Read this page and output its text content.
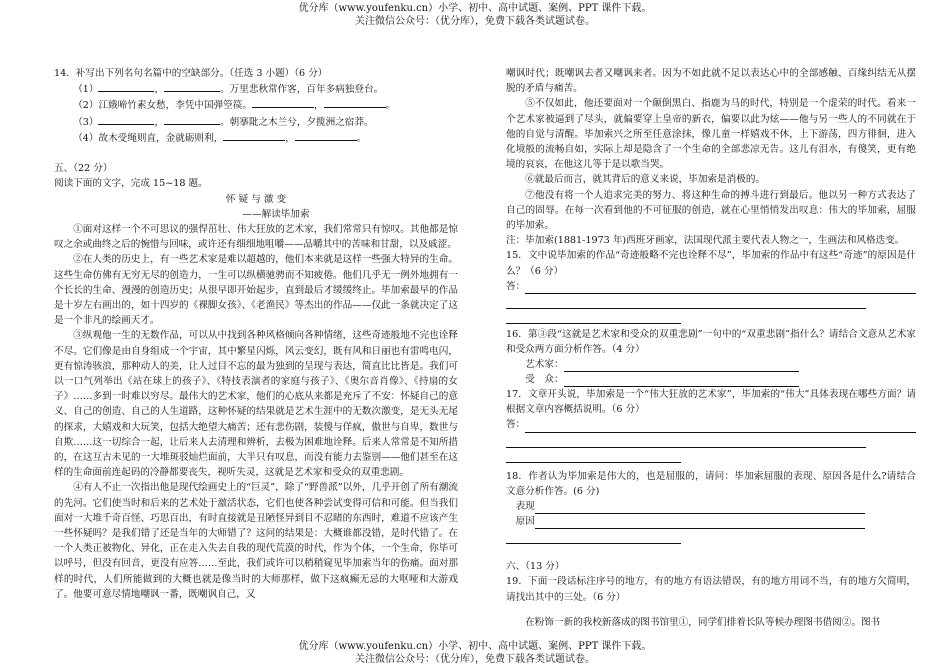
优分库（www.youfenku.cn）小学、初中、高中试题、案例、PPT 课件下载。
关注微信公众号：（优分库），免费下载各类试题试卷。

14．补写出下列名句名篇中的空缺部分。（任选 3 小题）（6 分）

（1）	，	。万里悲秋常作客，百年多病独登台。

（2）江娥啼竹素女愁，李凭中国弹箜篌。	，	。

（3）	，	。朝搴阰之木兰兮，夕揽洲之宿莽。

（4）故木受绳则直，金就砺则利，	，	。

五、（22 分）

阅读下面的文字，完成 15~18 题。

怀 疑 与 激 变

——解读毕加索

①面对这样一个不可思议的强悍茁壮、伟大狂放的艺术家，我们常常只有惊叹。其他都是惊叹之余或曲终之后的惋惜与回味，或许还有细细地咀嚼——品嚼其中的苦味和甘甜，以及戚涩。

②在人类的历史上，有一些艺术家是难以超越的，他们本来就是这样一些强大特异的生命。这些生命仿佛有无穷无尽的创造力，一生可以纵横驰骋而不知疲倦。他们几乎无一例外地拥有一个长长的生命、漫漫的创造历史；从很早即开始起步，直到最后才缓缓终止。毕加索最早的作品是十岁左右画出的，如十四岁的《裸脚女孩》、《老渔民》等杰出的作品——仅此一条就决定了这是一个非凡的绘画天才。

③纵观他一生的无数作品，可以从中找到各种风格倾向各种情绪，这些奇迹般地不完也诠释不尽。它们像是由自身组成一个宇宙，其中繁星闪烁，风云变幻，既有风和日丽也有雷鸣电闪，更有惊涛骇浪，那种动人的美，让人过目不忘的最为独到的呈现与表达，简直比比皆是。我们可以一口气列举出《站在球上的孩子》、《特技表演者的家庭与孩子》、《奥尔音肖像》、《持扇的女子》……多到一时难以穷尽。最伟大的艺术家，他们的心底从来都是充斥了不安：怀疑自己的意义、自己的创造、自己的人生道路，这种怀疑的结果就是艺术生涯中的无数次激变，是无头无尾的探求，大嬉戏和大玩笑，包括大绝望大痛苦；还有悲伤剧，装傻与佯疯，傲世与自卑，数世与自欺……这一切综合一起，让后来人去清理和辨析，去极为困难地诠释。后来人常常是不知所措的，在这互古未见的一大堆斑驳灿烂面前，大半只有叹息，而没有能力去鉴别——他们甚至在这样的生命面前连起码的冷静都要丧失，视听失灵，这就是艺术家和受众的双重悲剧。

④有人不止一次指出他是现代绘画史上的“巨灵”，除了“野兽派”以外，几乎开创了所有潮流的先河。它们使当时和后来的艺术处于激活状态，它们也使各种尝试变得可信和可能。但当我们面对一大堆千奇百怪、巧思百出，有时直接就是丑陋怪异到目不忍睹的东西时，难道不应该产生一些怀疑吗？是我们错了还是当年的大师错了？这问的结果是：大概谁都没错，是时代错了。在一个人类正被物化、异化，正在走入失去自我的现代荒漠的时代，作为个体，一个生命，你毕可以呼号，但没有回音，更没有应答……至此，我们或许可以稍稍窥见毕加索当年的伤痛。面对那样的时代，人们所能做到的大概也就是像当时的大师那样，做下这疯癫无忌的大呕哑和大游戏了。他要可意尽情地嘲讽一番，既嘲讽自己，又

嘲讽时代；既嘲讽去者又嘲讽来者。因为不如此就不足以表达心中的全部感触、百缘纠结无从摆脱的矛盾与痛苦。

⑤不仅如此，他还要面对一个颠倒黑白、指鹿为马的时代，特别是一个虚荣的时代。看来一个艺术家被逼到了尽头，就偏要穿上皇帝的新衣，偏要以此为炫——他与另一些人的不同就在于他的自觉与清醒。毕加索兴之所至任意涂抹，像儿童一样嬉戏不休，上下游荡，四方徘徊，进入化境般的流畅自如，实际上却是隐含了一个生命的全部悲凉无告。这儿有泪水，有傻笑，更有绝境的哀哀，在他这儿等于是以歌当哭。

⑥就最后而言，就其背后的意义来说，毕加索是消极的。

⑦他没有将一个人追求完美的努力、将这种生命的搏斗进行到最后。他以另一种方式表达了自己的固辱。在每一次看到他的不可征服的创造，就在心里悄悄发出叹息：伟大的毕加索，屈服的毕加索。

注：毕加索(1881-1973 年)西班牙画家，法国现代派主要代表人物之一，生画法和风格迭变。

15．文中说毕加索的作品“奇迹般略不完也诠释不尽”，毕加索的作品中有这些“奇迹”的原因是什么？（6 分）

答：

16．第③段“这就是艺术家和受众的双重悲剧”一句中的“双重悲剧”指什么？请结合文意从艺术家和受众两方面分析作答。（4 分）

艺术家：
受　众：

17．文章开头说，毕加索是一个“伟大狂放的艺术家”，毕加索的“伟大”具体表现在哪些方面？请根据文章内容概括说明。（6 分）

答：

18．作者认为毕加索是伟大的，也是屈服的，请问：毕加索屈服的表现、原因各是什么?请结合文意分析作答。(6 分)

表现
原因

六、（13 分）

19．下面一段话标注序号的地方，有的地方有语法错误，有的地方用词不当，有的地方欠简明，请找出其中的三处。（6 分）

在粉饰一新的我校新落成的图书馆里①，同学们排着长队等候办理图书借阅②。图书

优分库（www.youfenku.cn）小学、初中、高中试题、案例、PPT 课件下载。
关注微信公众号：（优分库），免费下载各类试题试卷。
